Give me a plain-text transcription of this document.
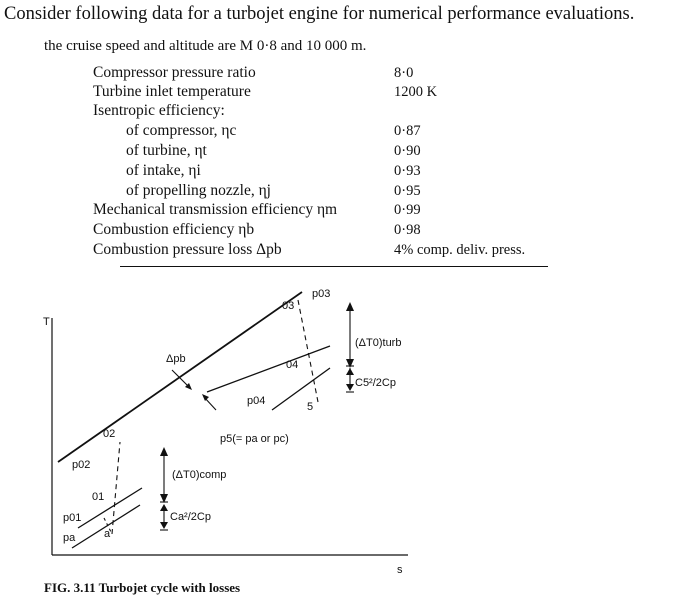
Consider following data for a turbojet engine for numerical performance evaluations.
the cruise speed and altitude are M 0·8 and 10 000 m.
Compressor pressure ratio	8·0
Turbine inlet temperature	1200 K
Isentropic efficiency:
of compressor, ηc	0·87
of turbine, ηt	0·90
of intake, ηi	0·93
of propelling nozzle, ηj	0·95
Mechanical transmission efficiency ηm	0·99
Combustion efficiency ηb	0·98
Combustion pressure loss Δpb	4% comp. deliv. press.
T
s
p03
03
(ΔT0)turb
04
C5²/2Cp
5
Δpb
p04
p5(= pa or pc)
02
p02
(ΔT0)comp
01
Ca²/2Cp
p01
a
pa
FIG. 3.11 Turbojet cycle with losses
